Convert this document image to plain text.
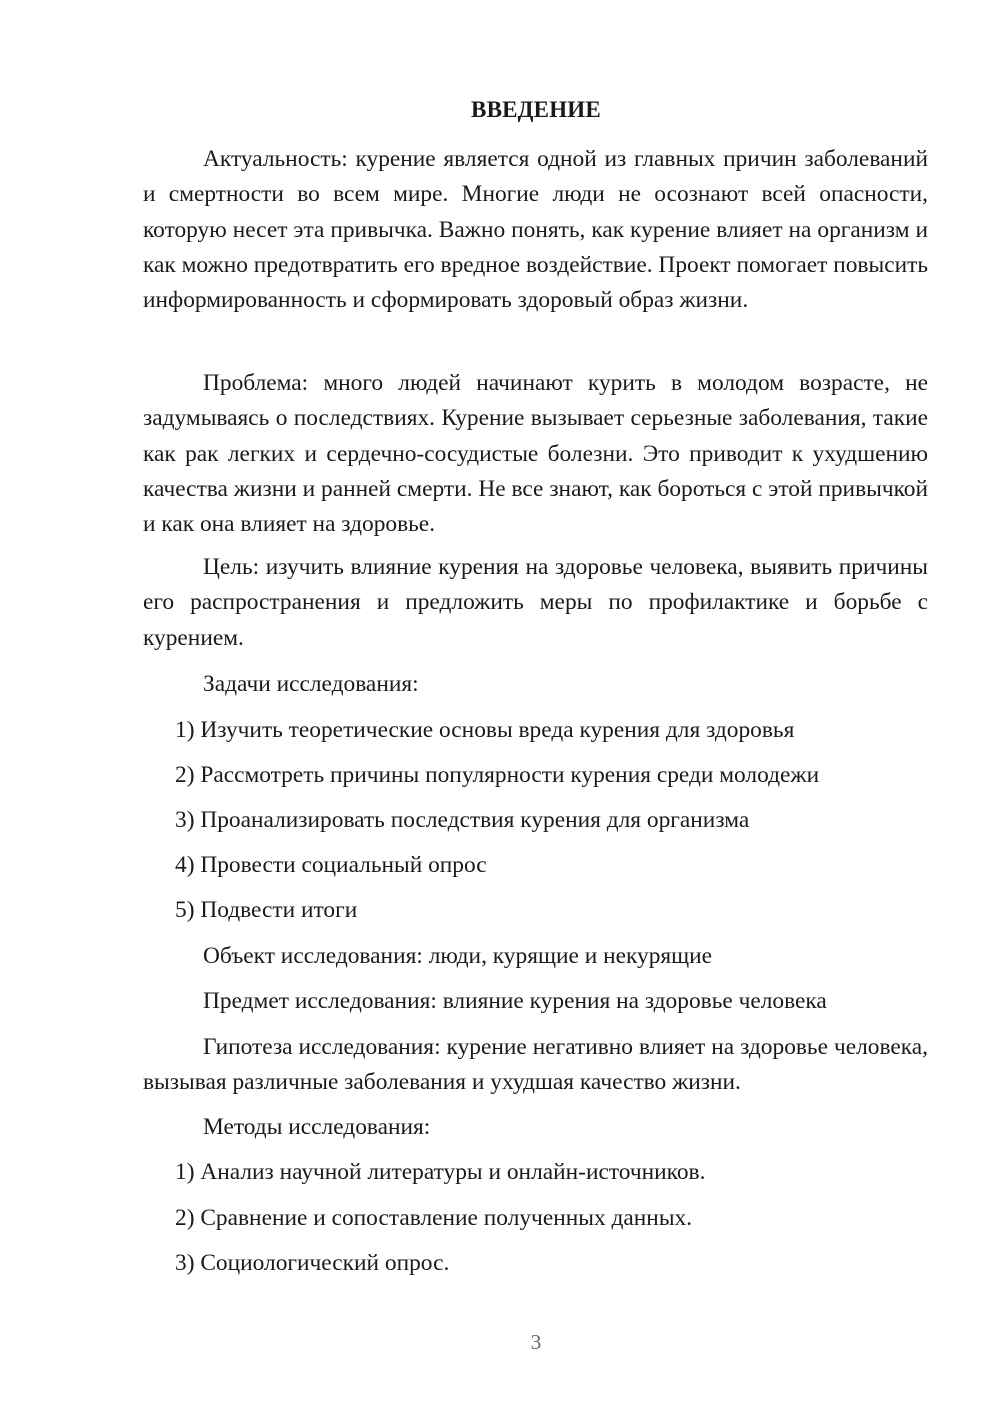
ВВЕДЕНИЕ

Актуальность: курение является одной из главных причин заболеваний и смертности во всем мире. Многие люди не осознают всей опасности, которую несет эта привычка. Важно понять, как курение влияет на организм и как можно предотвратить его вредное воздействие. Проект помогает повысить информированность и сформировать здоровый образ жизни.

Проблема: много людей начинают курить в молодом возрасте, не задумываясь о последствиях. Курение вызывает серьезные заболевания, такие как рак легких и сердечно-сосудистые болезни. Это приводит к ухудшению качества жизни и ранней смерти. Не все знают, как бороться с этой привычкой и как она влияет на здоровье.

Цель: изучить влияние курения на здоровье человека, выявить причины его распространения и предложить меры по профилактике и борьбе с курением.

Задачи исследования:
1) Изучить теоретические основы вреда курения для здоровья
2) Рассмотреть причины популярности курения среди молодежи
3) Проанализировать последствия курения для организма
4) Провести социальный опрос
5) Подвести итоги
Объект исследования: люди, курящие и некурящие
Предмет исследования: влияние курения на здоровье человека

Гипотеза исследования: курение негативно влияет на здоровье человека, вызывая различные заболевания и ухудшая качество жизни.

Методы исследования:
1) Анализ научной литературы и онлайн-источников.
2) Сравнение и сопоставление полученных данных.
3) Социологический опрос.
3
